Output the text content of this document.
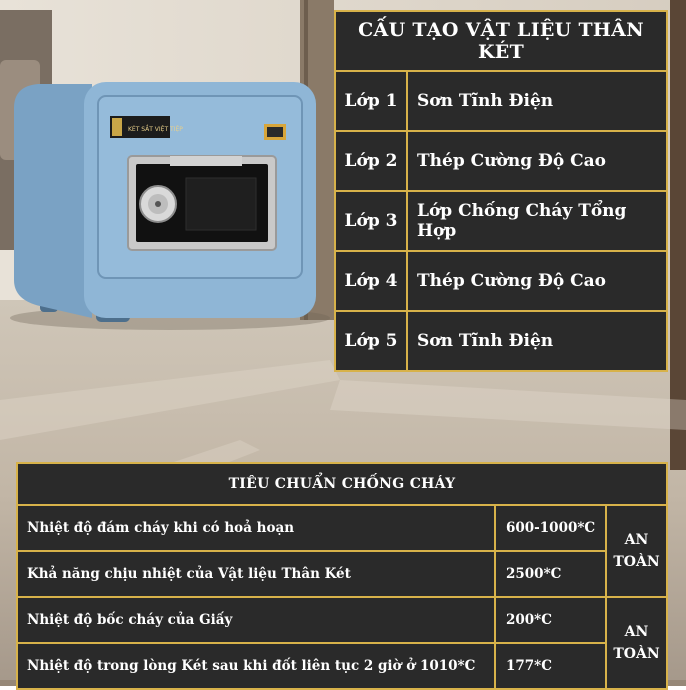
KÉT SẮT VIỆT TIỆP
CẤU TẠO VẬT LIỆU THÂN KÉT	
Lớp 1	Sơn Tĩnh Điện
Lớp 2	Thép Cường Độ Cao
Lớp 3	Lớp Chống Cháy Tổng Hợp
Lớp 4	Thép Cường Độ Cao
Lớp 5	Sơn Tĩnh Điện
TIÊU CHUẨN CHỐNG CHÁY		
Nhiệt độ đám cháy khi có hoả hoạn	600-1000*C	AN
TOÀN
Khả năng chịu nhiệt của Vật liệu Thân Két	2500*C	
Nhiệt độ bốc cháy của Giấy	200*C	AN
TOÀN
Nhiệt độ trong lòng Két sau khi đốt liên tục 2 giờ ở 1010*C	177*C	
